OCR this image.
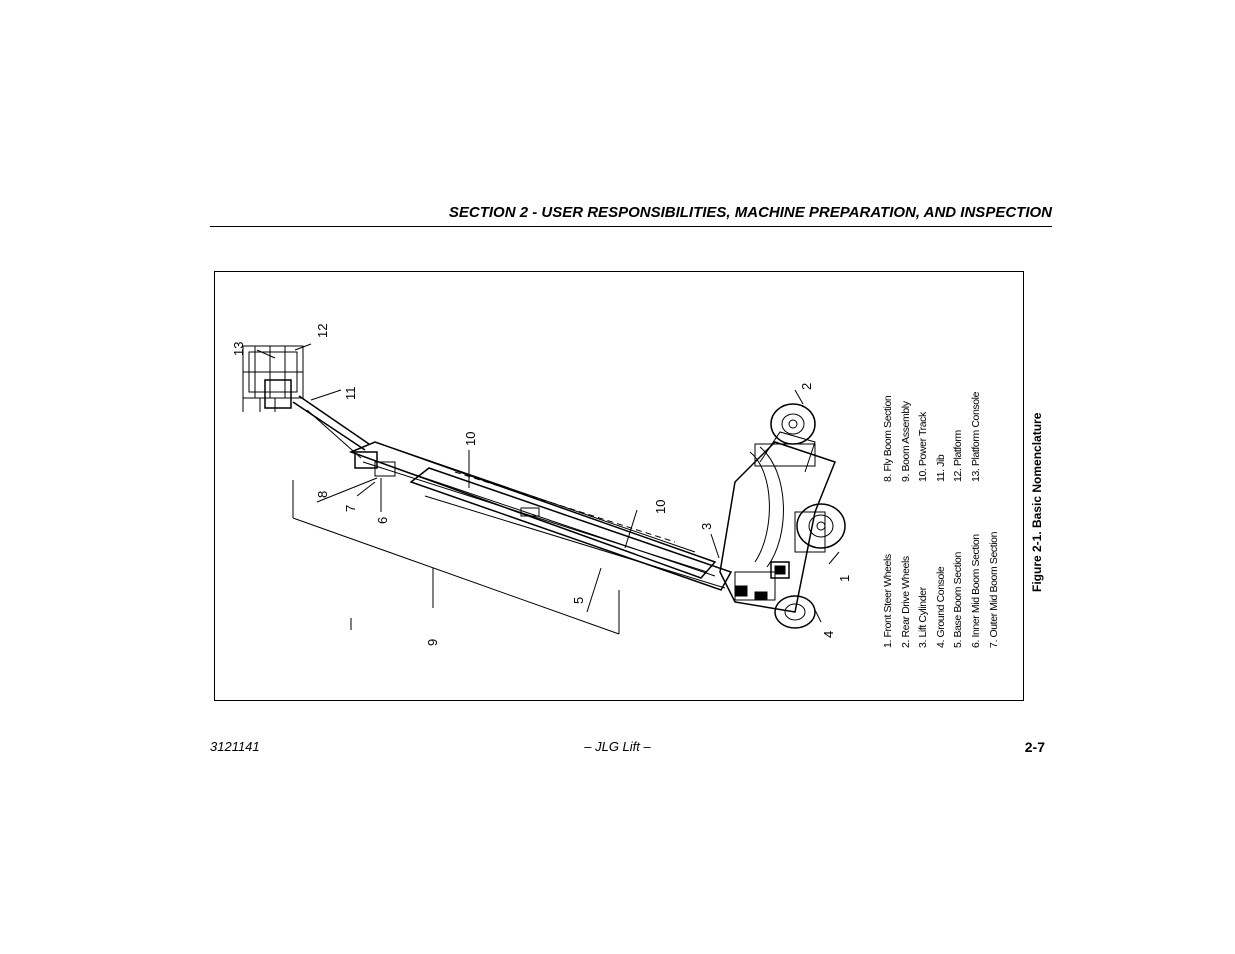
SECTION 2 - USER RESPONSIBILITIES, MACHINE PREPARATION, AND INSPECTION
1
2
3
4
5
6
7
8
9
10
10
11
12
13
1. Front Steer Wheels 2. Rear Drive Wheels 3. Lift Cylinder 4. Ground Console 5. Base Boom Section 6. Inner Mid Boom Section 7. Outer Mid Boom Section
8. Fly Boom Section 9. Boom Assembly 10. Power Track 11. Jib 12. Platform 13. Platform Console	Figure 2-1. Basic Nomenclature
3121141	– JLG Lift –	2-7
